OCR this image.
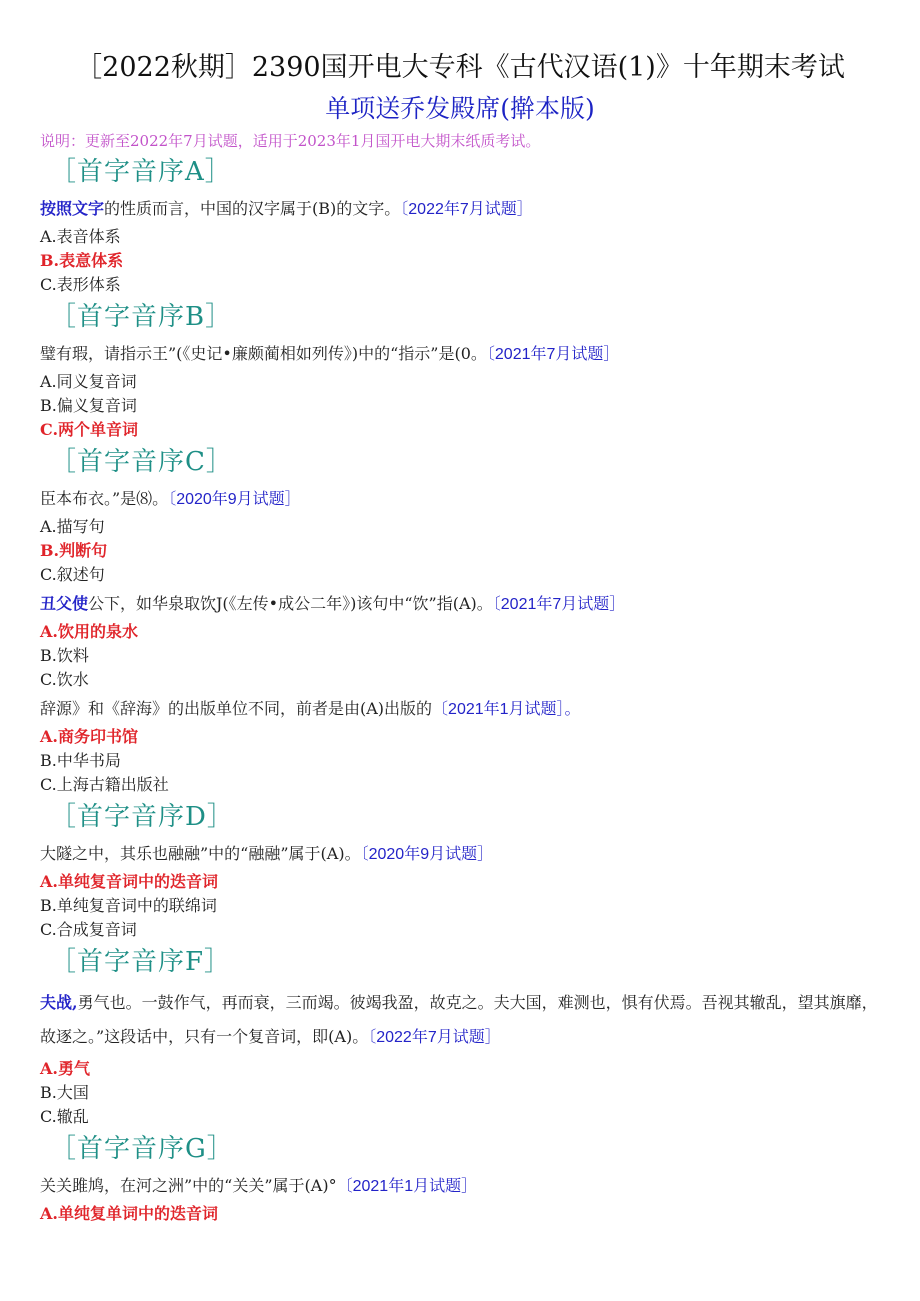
［2022秋期］2390国开电大专科《古代汉语(1)》十年期末考试
单项送乔发殿席(擀本版)
说明：更新至2022年7月试题，适用于2023年1月国开电大期末纸质考试。
［首字音序A］
按照文字的性质而言，中国的汉字属于(B)的文字。〔2022年7月试题］
A.表音体系
B.表意体系
C.表形体系
［首字音序B］
璧有瑕，请指示王”(《史记•廉颇蔺相如列传》)中的“指示”是(0。〔2021年7月试题］
A.同义复音词
B.偏义复音词
C.两个单音词
［首字音序C］
臣本布衣。”是⑻。〔2020年9月试题］
A.描写句
B.判断句
C.叙述句
丑父使公下，如华泉取饮J(《左传•成公二年》)该句中“饮”指(A)。〔2021年7月试题］
A.饮用的泉水
B.饮料
C.饮水
辞源》和《辞海》的出版单位不同，前者是由(A)出版的〔2021年1月试题］。
A.商务印书馆
B.中华书局
C.上海古籍出版社
［首字音序D］
大隧之中，其乐也融融”中的“融融”属于(A)。〔2020年9月试题］
A.单纯复音词中的迭音词
B.单纯复音词中的联绵词
C.合成复音词
［首字音序F］
夫战,勇气也。一鼓作气，再而衰，三而竭。彼竭我盈，故克之。夫大国，难测也，惧有伏焉。吾视其辙乱，望其旗靡，故逐之。”这段话中，只有一个复音词，即(A)。〔2022年7月试题］
A.勇气
B.大国
C.辙乱
［首字音序G］
关关雎鸠，在河之洲”中的“关关”属于(A)°〔2021年1月试题］
A.单纯复单词中的迭音词
